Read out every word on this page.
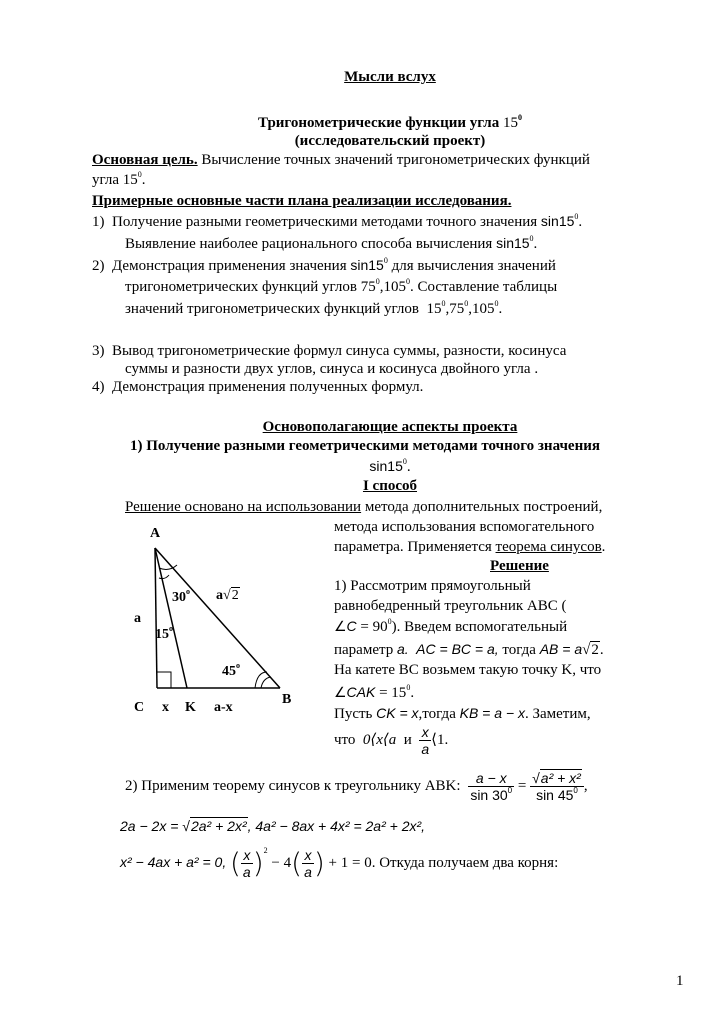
Мысли вслух
Тригонометрические функции угла $15^0$
(исследовательский проект)
Основная цель. Вычисление точных значений тригонометрических функций
угла $15^0$.
Примерные основные части плана реализации исследования.
1) Получение разными геометрическими методами точного значения $\sin 15^0$.
Выявление наиболее рационального способа вычисления $\sin 15^0$.
2) Демонстрация применения значения $\sin 15^0$ для вычисления значений
тригонометрических функций углов $75^0,105^0$. Составление таблицы
значений тригонометрических функций углов $15^0,75^0,105^0$.
3) Вывод тригонометрические формул синуса суммы, разности, косинуса
суммы и разности двух углов, синуса и косинуса двойного угла .
4) Демонстрация применения полученных формул.
Основополагающие аспекты проекта
1) Получение разными геометрическими методами точного значения
$\sin 15^0$.
I способ
Решение основано на использовании метода дополнительных построений,
метода использования вспомогательного
параметра. Применяется теорема синусов.
Решение
1) Рассмотрим прямоугольный
равнобедренный треугольник ABC (
∠C = $90^0$). Введем вспомогательный
параметр a. AC = BC = a, тогда AB = a√2.
На катете BC возьмем такую точку K, что
∠CAK = $15^0$.
Пусть CK = x,тогда KB = a − x. Заметим,
что 0⟨x⟨a и $\frac{x}{a}$ ⟨1.
A
30$^o$ a√2
a
15$^o$
45$^o$
B
C x K a-x
2) Применим теорему синусов к треугольнику ABK: $\frac{a - x}{\sin 30^0} = \frac{\text{√a² + x²}}{\sin 45^0}$ ,
2a − 2x = √2a² + 2x², 4a² − 8ax + 4x² = 2a² + 2x²,
x² − 4ax + a² = 0, ( $\frac{x}{a} )^2 - 4( \frac{x}{a}$ ) + 1 = 0. Откуда получаем два корня:
1
